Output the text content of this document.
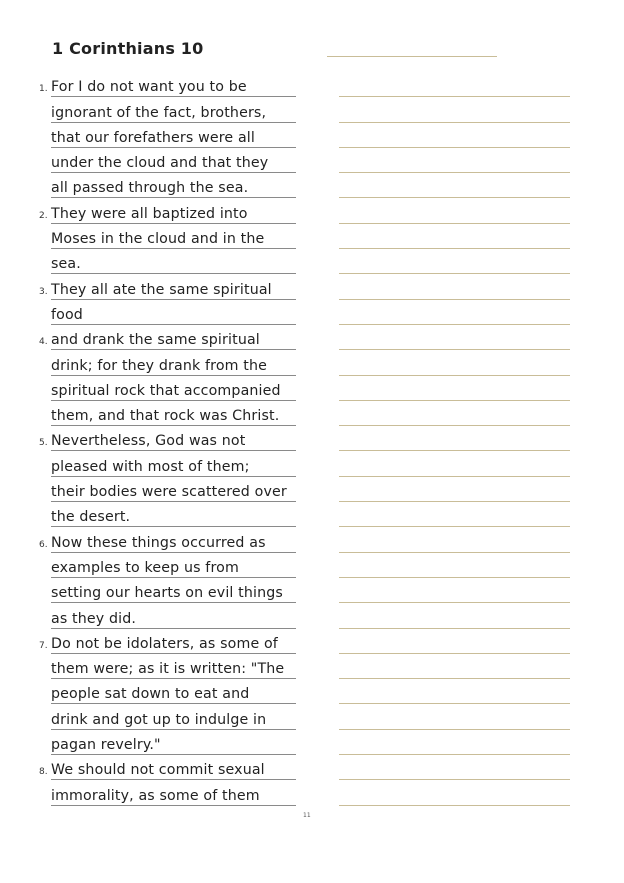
1 Corinthians 10
1. For I do not want you to be
ignorant of the fact, brothers,
that our forefathers were all
under the cloud and that they
all passed through the sea.
2. They were all baptized into
Moses in the cloud and in the
sea.
3. They all ate the same spiritual
food
4. and drank the same spiritual
drink; for they drank from the
spiritual rock that accompanied
them, and that rock was Christ.
5. Nevertheless, God was not
pleased with most of them;
their bodies were scattered over
the desert.
6. Now these things occurred as
examples to keep us from
setting our hearts on evil things
as they did.
7. Do not be idolaters, as some of
them were; as it is written: "The
people sat down to eat and
drink and got up to indulge in
pagan revelry."
8. We should not commit sexual
immorality, as some of them
11
